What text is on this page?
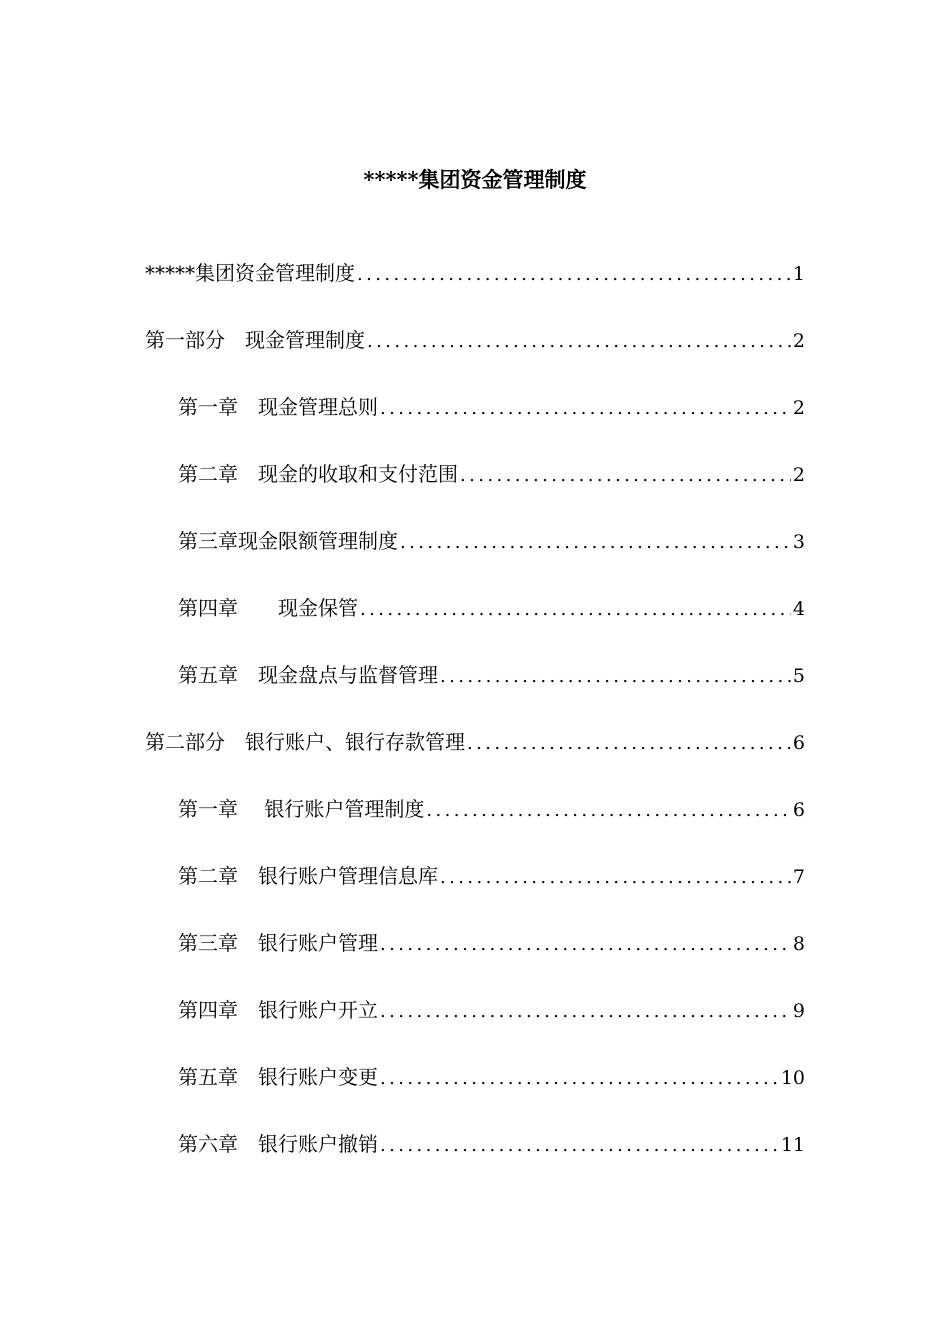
*****集团资金管理制度
*****集团资金管理制度 .....	1
第一部分　现金管理制度 .....	2
第一章　现金管理总则 .....	2
第二章　现金的收取和支付范围 .....	2
第三章现金限额管理制度 .....	3
第四章　　现金保管 .....	4
第五章　现金盘点与监督管理 .....	5
第二部分　银行账户、银行存款管理 .....	6
第一章　 银行账户管理制度 .....	6
第二章　银行账户管理信息库 .....	7
第三章　银行账户管理 .....	8
第四章　银行账户开立 .....	9
第五章　银行账户变更 .....	10
第六章　银行账户撤销 .....	11
